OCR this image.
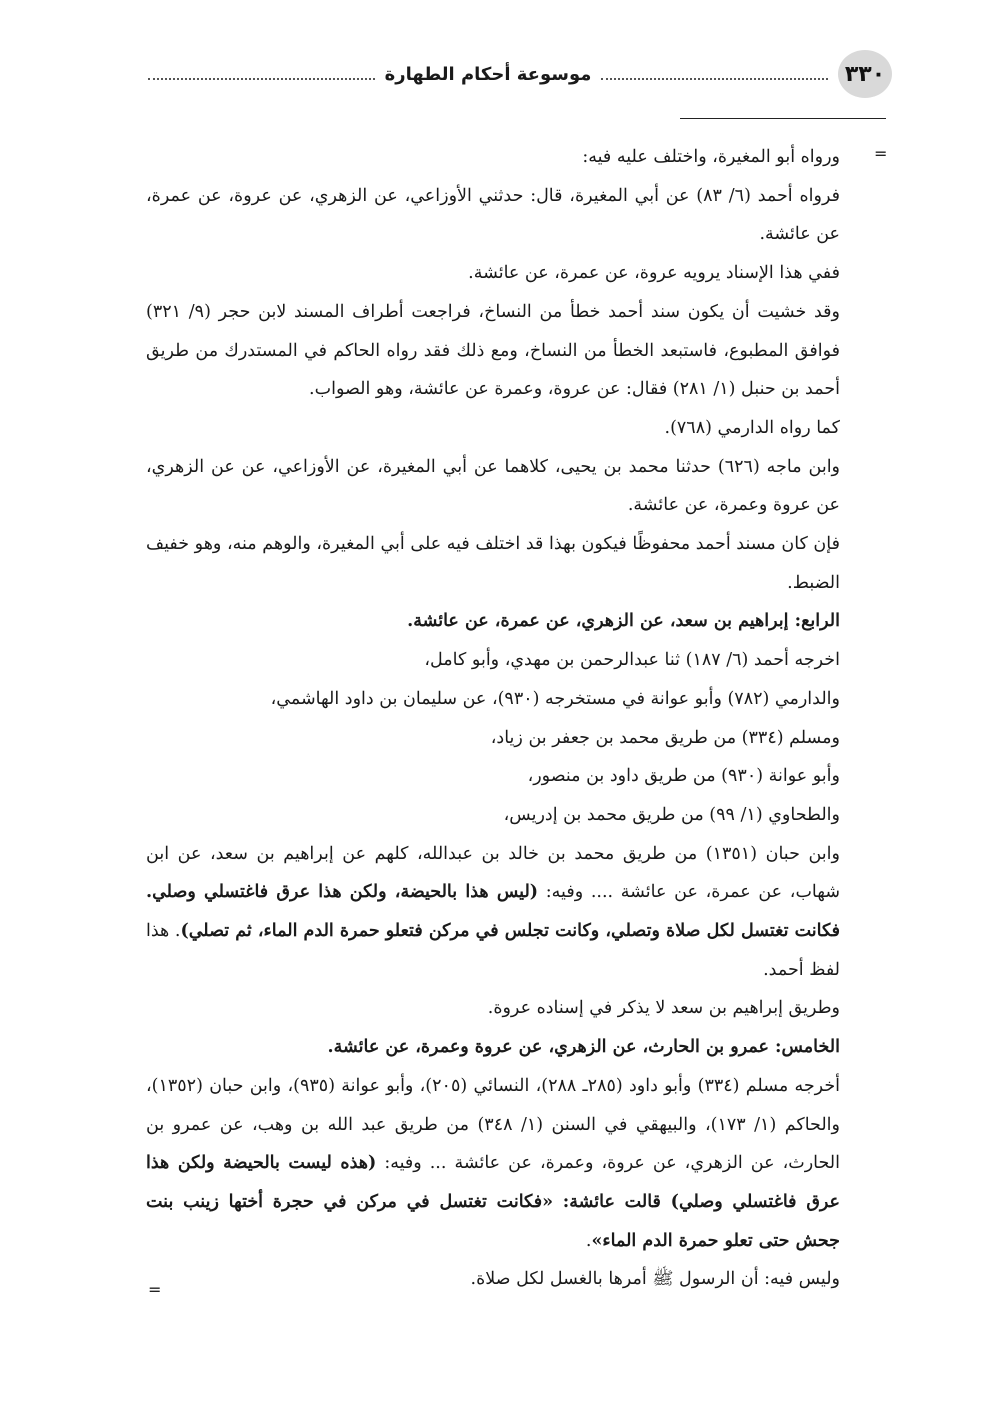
٣٣٠
موسوعة أحكام الطهارة
=

ورواه أبو المغيرة، واختلف عليه فيه:

فرواه أحمد (٦/ ٨٣) عن أبي المغيرة، قال: حدثني الأوزاعي، عن الزهري، عن عروة، عن عمرة، عن عائشة.

ففي هذا الإسناد يرويه عروة، عن عمرة، عن عائشة.

وقد خشيت أن يكون سند أحمد خطأ من النساخ، فراجعت أطراف المسند لابن حجر (٩/ ٣٢١) فوافق المطبوع، فاستبعد الخطأ من النساخ، ومع ذلك فقد رواه الحاكم في المستدرك من طريق أحمد بن حنبل (١/ ٢٨١) فقال: عن عروة، وعمرة عن عائشة، وهو الصواب.

كما رواه الدارمي (٧٦٨).

وابن ماجه (٦٢٦) حدثنا محمد بن يحيى، كلاهما عن أبي المغيرة، عن الأوزاعي، عن عن الزهري، عن عروة وعمرة، عن عائشة.

فإن كان مسند أحمد محفوظًا فيكون بهذا قد اختلف فيه على أبي المغيرة، والوهم منه، وهو خفيف الضبط.

الرابع: إبراهيم بن سعد، عن الزهري، عن عمرة، عن عائشة.

اخرجه أحمد (٦/ ١٨٧) ثنا عبدالرحمن بن مهدي، وأبو كامل،

والدارمي (٧٨٢) وأبو عوانة في مستخرجه (٩٣٠)، عن سليمان بن داود الهاشمي،

ومسلم (٣٣٤) من طريق محمد بن جعفر بن زياد،

وأبو عوانة (٩٣٠) من طريق داود بن منصور،

والطحاوي (١/ ٩٩) من طريق محمد بن إدريس،

وابن حبان (١٣٥١) من طريق محمد بن خالد بن عبدالله، كلهم عن إبراهيم بن سعد، عن ابن شهاب، عن عمرة، عن عائشة .... وفيه: (ليس هذا بالحيضة، ولكن هذا عرق فاغتسلي وصلي. فكانت تغتسل لكل صلاة وتصلي، وكانت تجلس في مركن فتعلو حمرة الدم الماء، ثم تصلي). هذا لفظ أحمد.

وطريق إبراهيم بن سعد لا يذكر في إسناده عروة.

الخامس: عمرو بن الحارث، عن الزهري، عن عروة وعمرة، عن عائشة.

أخرجه مسلم (٣٣٤) وأبو داود (٢٨٥ـ ٢٨٨)، النسائي (٢٠٥)، وأبو عوانة (٩٣٥)، وابن حبان (١٣٥٢)، والحاكم (١/ ١٧٣)، والبيهقي في السنن (١/ ٣٤٨) من طريق عبد الله بن وهب، عن عمرو بن الحارث، عن الزهري، عن عروة، وعمرة، عن عائشة ... وفيه: (هذه ليست بالحيضة ولكن هذا عرق فاغتسلي وصلي) قالت عائشة: «فكانت تغتسل في مركن في حجرة أختها زينب بنت جحش حتى تعلو حمرة الدم الماء».

وليس فيه: أن الرسول ﷺ أمرها بالغسل لكل صلاة.

=
